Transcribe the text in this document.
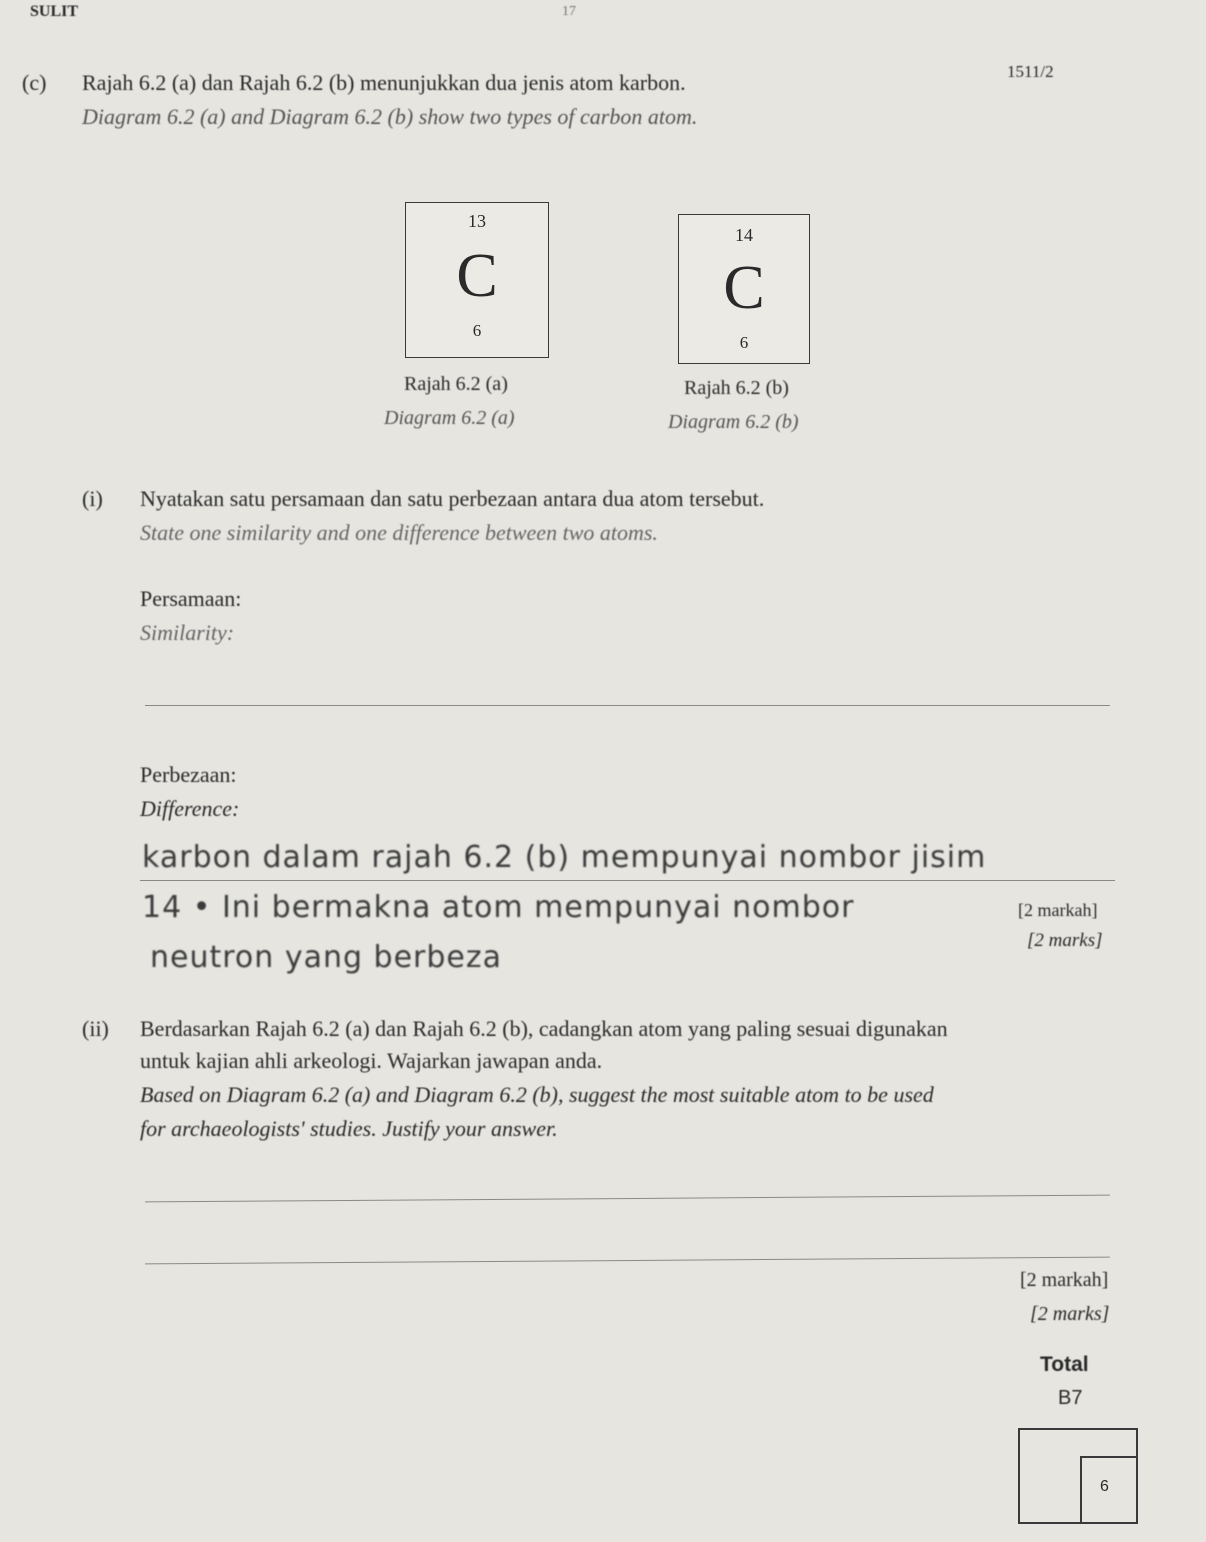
SULIT	17
1511/2
(c) Rajah 6.2 (a) dan Rajah 6.2 (b) menunjukkan dua jenis atom karbon.
Diagram 6.2 (a) and Diagram 6.2 (b) show two types of carbon atom.
13
C
6
Rajah 6.2 (a)
Diagram 6.2 (a)
14
C
6
Rajah 6.2 (b)
Diagram 6.2 (b)
(i) Nyatakan satu persamaan dan satu perbezaan antara dua atom tersebut.
State one similarity and one difference between two atoms.
Persamaan:
Similarity:
Perbezaan:
Difference:
karbon dalam rajah 6.2 (b) mempunyai nombor jisim
14 • Ini bermakna atom mempunyai nombor
neutron yang berbeza
[2 markah]
[2 marks]
(ii) Berdasarkan Rajah 6.2 (a) dan Rajah 6.2 (b), cadangkan atom yang paling sesuai digunakan
untuk kajian ahli arkeologi. Wajarkan jawapan anda.
Based on Diagram 6.2 (a) and Diagram 6.2 (b), suggest the most suitable atom to be used
for archaeologists' studies. Justify your answer.
[2 markah]
[2 marks]
Total
B7
6
